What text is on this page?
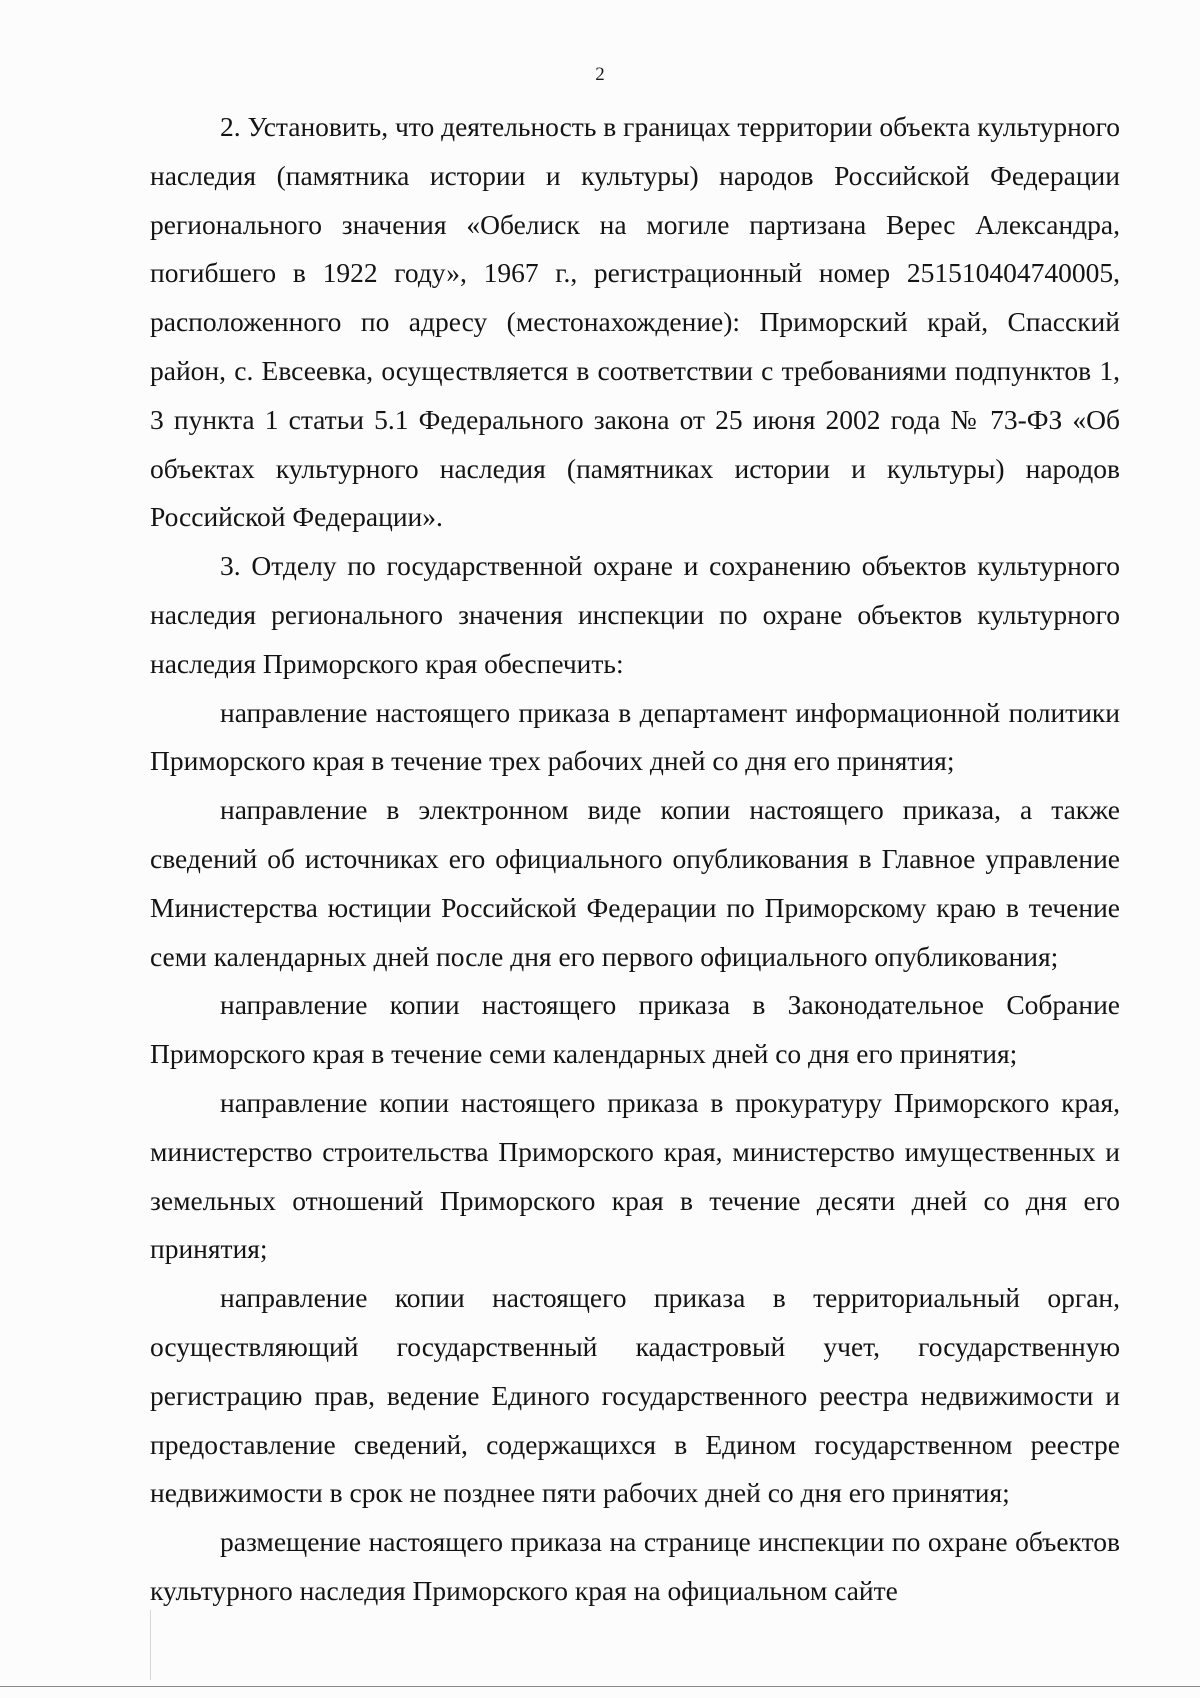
2

2. Установить, что деятельность в границах территории объекта культурного наследия (памятника истории и культуры) народов Российской Федерации регионального значения «Обелиск на могиле партизана Верес Александра, погибшего в 1922 году», 1967 г., регистрационный номер 251510404740005, расположенного по адресу (местонахождение): Приморский край, Спасский район, с. Евсеевка, осуществляется в соответствии с требованиями подпунктов 1, 3 пункта 1 статьи 5.1 Федерального закона от 25 июня 2002 года № 73-ФЗ «Об объектах культурного наследия (памятниках истории и культуры) народов Российской Федерации».

3. Отделу по государственной охране и сохранению объектов культурного наследия регионального значения инспекции по охране объектов культурного наследия Приморского края обеспечить:

направление настоящего приказа в департамент информационной политики Приморского края в течение трех рабочих дней со дня его принятия;

направление в электронном виде копии настоящего приказа, а также сведений об источниках его официального опубликования в Главное управление Министерства юстиции Российской Федерации по Приморскому краю в течение семи календарных дней после дня его первого официального опубликования;

направление копии настоящего приказа в Законодательное Собрание Приморского края в течение семи календарных дней со дня его принятия;

направление копии настоящего приказа в прокуратуру Приморского края, министерство строительства Приморского края, министерство имущественных и земельных отношений Приморского края в течение десяти дней со дня его принятия;

направление копии настоящего приказа в территориальный орган, осуществляющий государственный кадастровый учет, государственную регистрацию прав, ведение Единого государственного реестра недвижимости и предоставление сведений, содержащихся в Едином государственном реестре недвижимости в срок не позднее пяти рабочих дней со дня его принятия;

размещение настоящего приказа на странице инспекции по охране объектов культурного наследия Приморского края на официальном сайте
